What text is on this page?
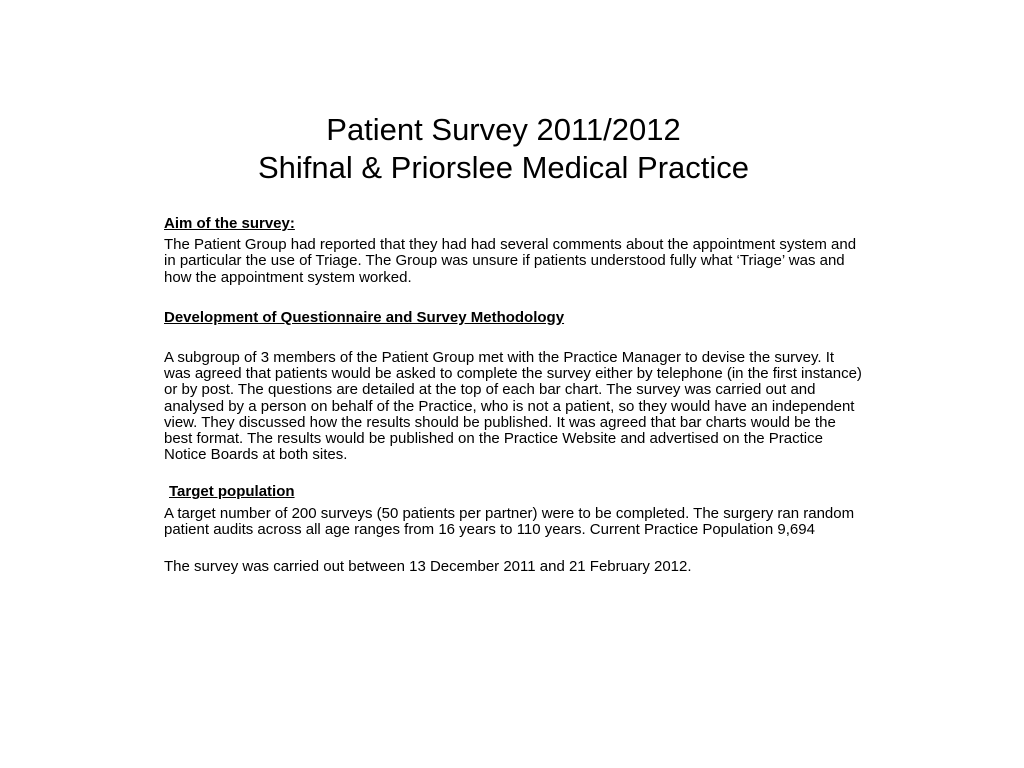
Patient Survey 2011/2012
Shifnal & Priorslee Medical Practice
Aim of the survey:

The Patient Group had reported that they had had several comments about the appointment system and in particular the use of Triage. The Group was unsure if patients understood fully what ‘Triage’ was and how the appointment system worked.

Development of Questionnaire and Survey Methodology

A subgroup of 3 members of the Patient Group met with the Practice Manager to devise the survey. It was agreed that patients would be asked to complete the survey either by telephone (in the first instance) or by post. The questions are detailed at the top of each bar chart. The survey was carried out and analysed by a person on behalf of the Practice, who is not a patient, so they would have an independent view. They discussed how the results should be published. It was agreed that bar charts would be the best format. The results would be published on the Practice Website and advertised on the Practice Notice Boards at both sites.

Target population

A target number of 200 surveys (50 patients per partner) were to be completed. The surgery ran random patient audits across all age ranges from 16 years to 110 years. Current Practice Population 9,694

The survey was carried out between 13 December 2011 and 21 February 2012.
